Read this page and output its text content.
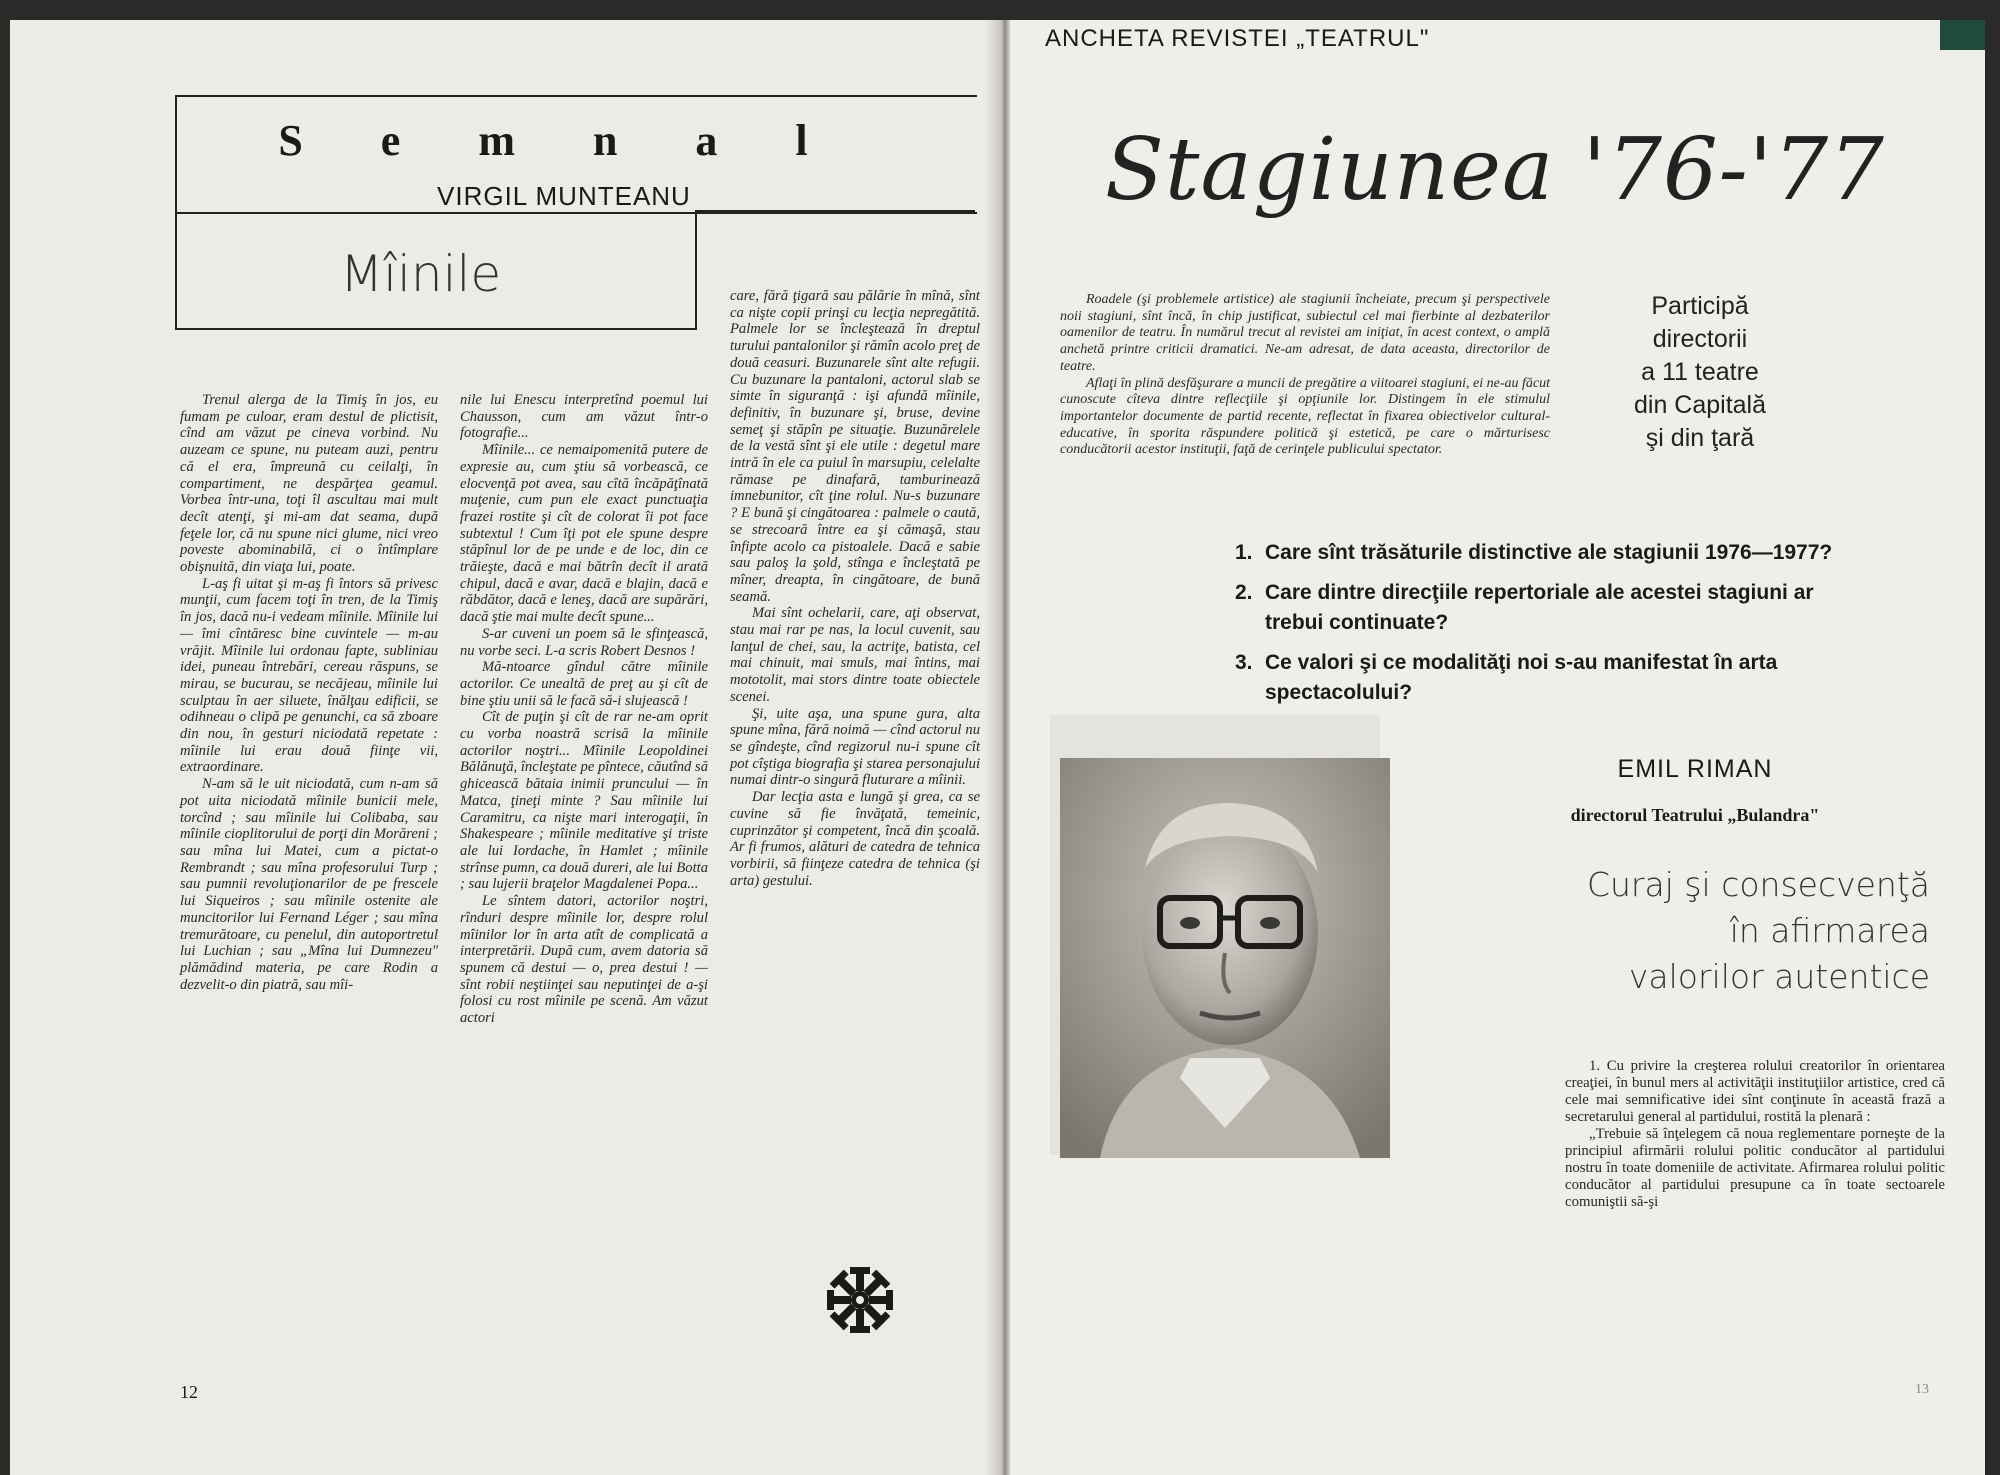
Semnal
VIRGIL MUNTEANU
Mîinile

Trenul alerga de la Timiş în jos, eu fumam pe culoar, eram destul de plictisit, cînd am văzut pe cineva vorbind. Nu auzeam ce spune, nu puteam auzi, pentru că el era, împreună cu ceilalţi, în compartiment, ne despărţea geamul. Vorbea într-una, toţi îl ascultau mai mult decît atenţi, şi mi-am dat seama, după feţele lor, că nu spune nici glume, nici vreo poveste abominabilă, ci o întîmplare obişnuită, din viaţa lui, poate.

L-aş fi uitat şi m-aş fi întors să privesc munţii, cum facem toţi în tren, de la Timiş în jos, dacă nu-i vedeam mîinile. Mîinile lui — îmi cîntăresc bine cuvintele — m-au vrăjit. Mîinile lui ordonau fapte, subliniau idei, puneau întrebări, cereau răspuns, se mirau, se bucurau, se necăjeau, mîinile lui sculptau în aer siluete, înălţau edificii, se odihneau o clipă pe genunchi, ca să zboare din nou, în gesturi niciodată repetate : mîinile lui erau două fiinţe vii, extraordinare.

N-am să le uit niciodată, cum n-am să pot uita niciodată mîinile bunicii mele, torcînd ; sau mîinile lui Colibaba, sau mîinile cioplitorului de porţi din Morăreni ; sau mîna lui Matei, cum a pictat-o Rembrandt ; sau mîna profesorului Turp ; sau pumnii revoluţionarilor de pe frescele lui Siqueiros ; sau mîinile ostenite ale muncitorilor lui Fernand Léger ; sau mîna tremurătoare, cu penelul, din autoportretul lui Luchian ; sau „Mîna lui Dumnezeu" plămădind materia, pe care Rodin a dezvelit-o din piatră, sau mîi-

nile lui Enescu interpretînd poemul lui Chausson, cum am văzut într-o fotografie...

Mîinile... ce nemaipomenită putere de expresie au, cum ştiu să vorbească, ce elocvenţă pot avea, sau cîtă încăpăţînată muţenie, cum pun ele exact punctuaţia frazei rostite şi cît de colorat îi pot face subtextul ! Cum îţi pot ele spune despre stăpînul lor de pe unde e de loc, din ce trăieşte, dacă e mai bătrîn decît il arată chipul, dacă e avar, dacă e blajin, dacă e răbdător, dacă e leneş, dacă are supărări, dacă ştie mai multe decît spune...

S-ar cuveni un poem să le sfinţească, nu vorbe seci. L-a scris Robert Desnos !

Mă-ntoarce gîndul către mîinile actorilor. Ce unealtă de preţ au şi cît de bine ştiu unii să le facă să-i slujească !

Cît de puţin şi cît de rar ne-am oprit cu vorba noastră scrisă la mîinile actorilor noştri... Mîinile Leopoldinei Bălănuţă, încleştate pe pîntece, căutînd să ghicească bătaia inimii pruncului — în Matca, ţineţi minte ? Sau mîinile lui Caramitru, ca nişte mari interogaţii, în Shakespeare ; mîinile meditative şi triste ale lui Iordache, în Hamlet ; mîinile strînse pumn, ca două dureri, ale lui Botta ; sau lujerii braţelor Magdalenei Popa...

Le sîntem datori, actorilor noştri, rînduri despre mîinile lor, despre rolul mîinilor lor în arta atît de complicată a interpretării. După cum, avem datoria să spunem că destui — o, prea destui ! — sînt robii neştiinţei sau neputinţei de a-şi folosi cu rost mîinile pe scenă. Am văzut actori

care, fără ţigară sau pălărie în mînă, sînt ca nişte copii prinşi cu lecţia nepregătită. Palmele lor se încleştează în dreptul turului pantalonilor şi rămîn acolo preţ de două ceasuri. Buzunarele sînt alte refugii. Cu buzunare la pantaloni, actorul slab se simte în siguranţă : işi afundă mîinile, definitiv, în buzunare şi, bruse, devine semeţ şi stăpîn pe situaţie. Buzunărelele de la vestă sînt şi ele utile : degetul mare intră în ele ca puiul în marsupiu, celelalte rămase pe dinafară, tamburinează imnebunitor, cît ţine rolul. Nu-s buzunare ? E bună şi cingătoarea : palmele o caută, se strecoară între ea şi cămaşă, stau înfipte acolo ca pistoalele. Dacă e sabie sau paloş la şold, stînga e încleştată pe mîner, dreapta, în cingătoare, de bună seamă.

Mai sînt ochelarii, care, aţi observat, stau mai rar pe nas, la locul cuvenit, sau lanţul de chei, sau, la actriţe, batista, cel mai chinuit, mai smuls, mai întins, mai mototolit, mai stors dintre toate obiectele scenei.

Şi, uite aşa, una spune gura, alta spune mîna, fără noimă — cînd actorul nu se gîndeşte, cînd regizorul nu-i spune cît pot cîştiga biografia şi starea personajului numai dintr-o singură fluturare a mîinii.

Dar lecţia asta e lungă şi grea, ca se cuvine să fie învăţată, temeinic, cuprinzător şi competent, încă din şcoală. Ar fi frumos, alături de catedra de tehnica vorbirii, să fiinţeze catedra de tehnica (şi arta) gestului.

12
ANCHETA REVISTEI „TEATRUL"
Stagiunea '76-'77

Roadele (şi problemele artistice) ale stagiunii încheiate, precum şi perspectivele noii stagiuni, sînt încă, în chip justificat, subiectul cel mai fierbinte al dezbaterilor oamenilor de teatru. În numărul trecut al revistei am iniţiat, în acest context, o amplă anchetă printre criticii dramatici. Ne-am adresat, de data aceasta, directorilor de teatre.

Aflaţi în plină desfăşurare a muncii de pregătire a viitoarei stagiuni, ei ne-au făcut cunoscute cîteva dintre reflecţiile şi opţiunile lor. Distingem în ele stimulul importantelor documente de partid recente, reflectat în fixarea obiectivelor cultural-educative, în sporita răspundere politică şi estetică, pe care o mărturisesc conducătorii acestor instituţii, faţă de cerinţele publicului spectator.

Participă
directorii
a 11 teatre
din Capitală
şi din ţară
1. Care sînt trăsăturile distinctive ale stagiunii 1976—1977?
2. Care dintre direcţiile repertoriale ale acestei stagiuni ar trebui continuate?
3. Ce valori şi ce modalităţi noi s-au manifestat în arta spectacolului?
EMIL RIMAN
directorul Teatrului „Bulandra"
Curaj şi consecvenţă
în afirmarea
valorilor autentice

1. Cu privire la creşterea rolului creatorilor în orientarea creaţiei, în bunul mers al activităţii instituţiilor artistice, cred că cele mai semnificative idei sînt conţinute în această frază a secretarului general al partidului, rostită la plenară :

„Trebuie să înţelegem că noua reglementare porneşte de la principiul afirmării rolului politic conducător al partidului nostru în toate domeniile de activitate. Afirmarea rolului politic conducător al partidului presupune ca în toate sectoarele comuniştii să-şi

13
